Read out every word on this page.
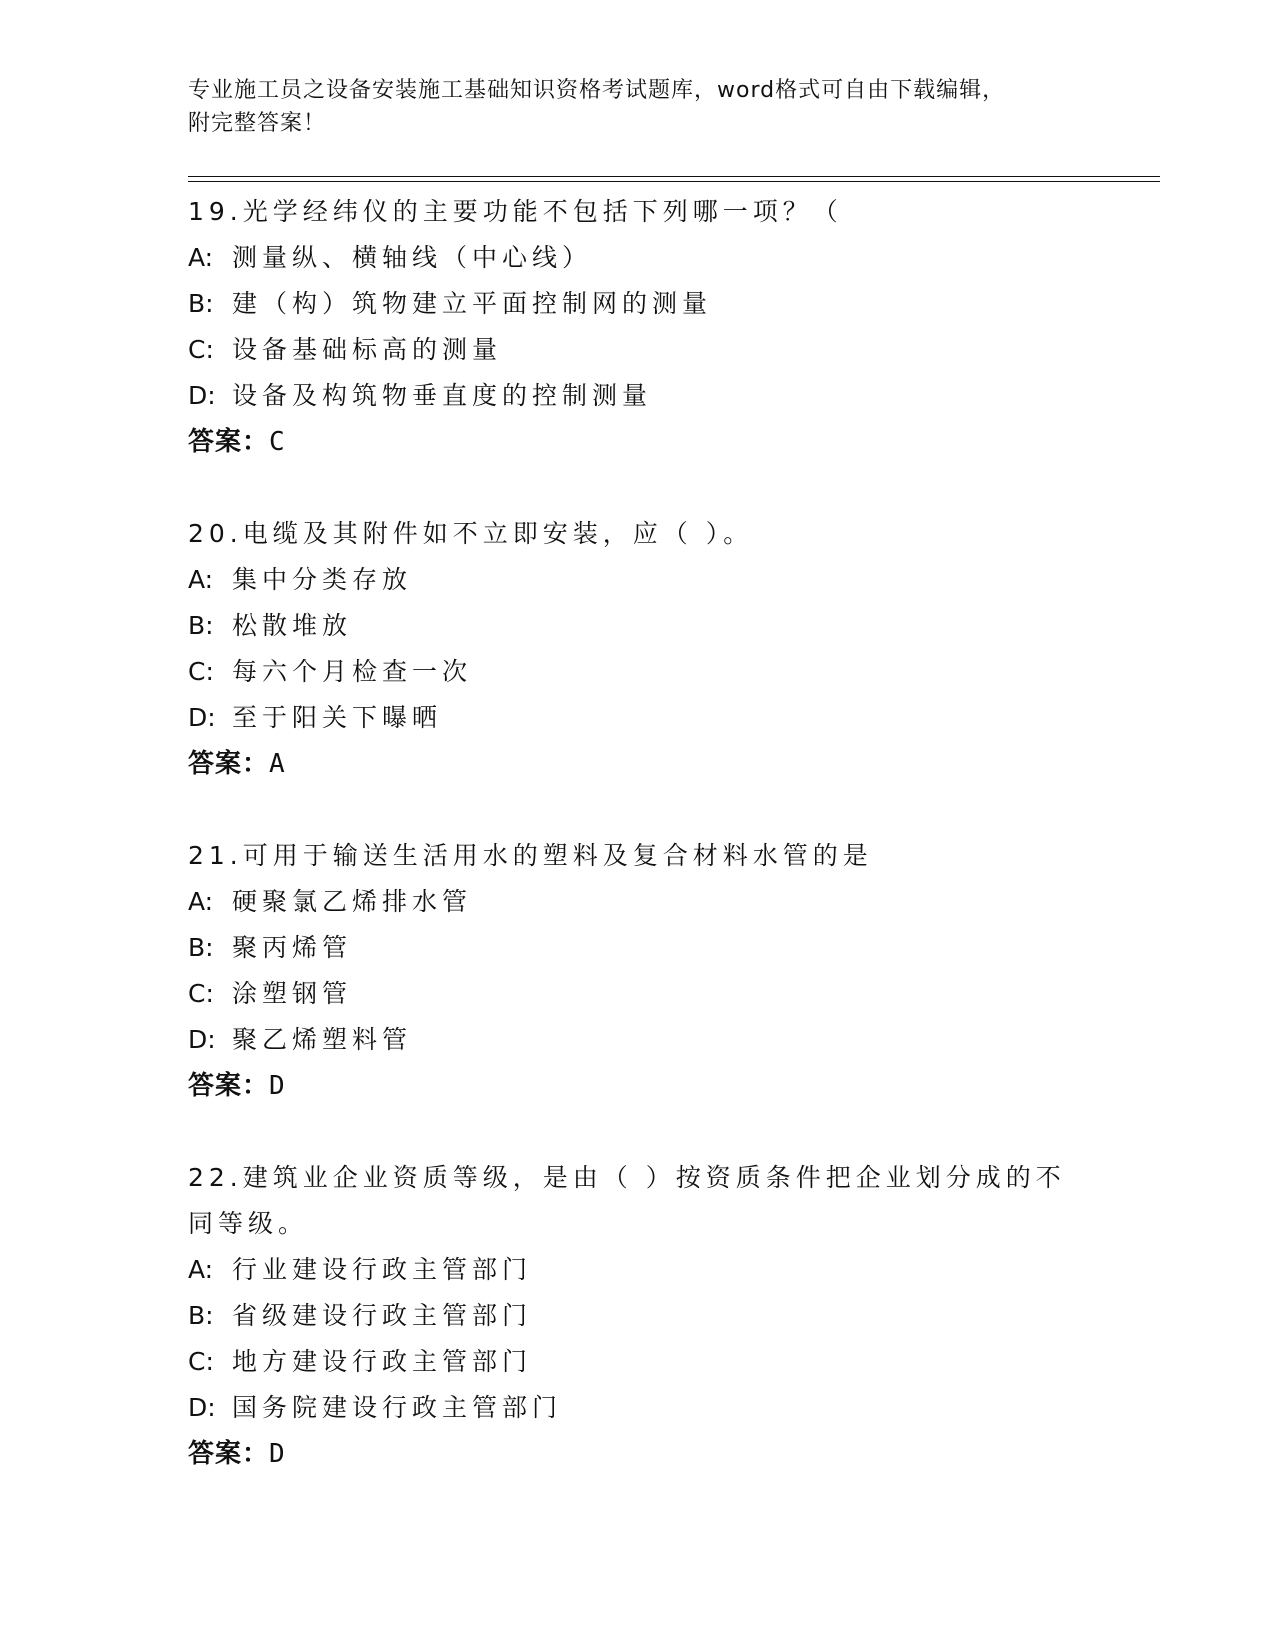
专业施工员之设备安装施工基础知识资格考试题库，word格式可自由下载编辑，
附完整答案！
19.光学经纬仪的主要功能不包括下列哪一项？（
A: 测量纵、横轴线（中心线）
B: 建（构）筑物建立平面控制网的测量
C: 设备基础标高的测量
D: 设备及构筑物垂直度的控制测量
答案：C
20.电缆及其附件如不立即安装，应（ ）。
A: 集中分类存放
B: 松散堆放
C: 每六个月检查一次
D: 至于阳关下曝晒
答案：A
21.可用于输送生活用水的塑料及复合材料水管的是
A: 硬聚氯乙烯排水管
B: 聚丙烯管
C: 涂塑钢管
D: 聚乙烯塑料管
答案：D
22.建筑业企业资质等级，是由（ ）按资质条件把企业划分成的不同等级。
A: 行业建设行政主管部门
B: 省级建设行政主管部门
C: 地方建设行政主管部门
D: 国务院建设行政主管部门
答案：D
